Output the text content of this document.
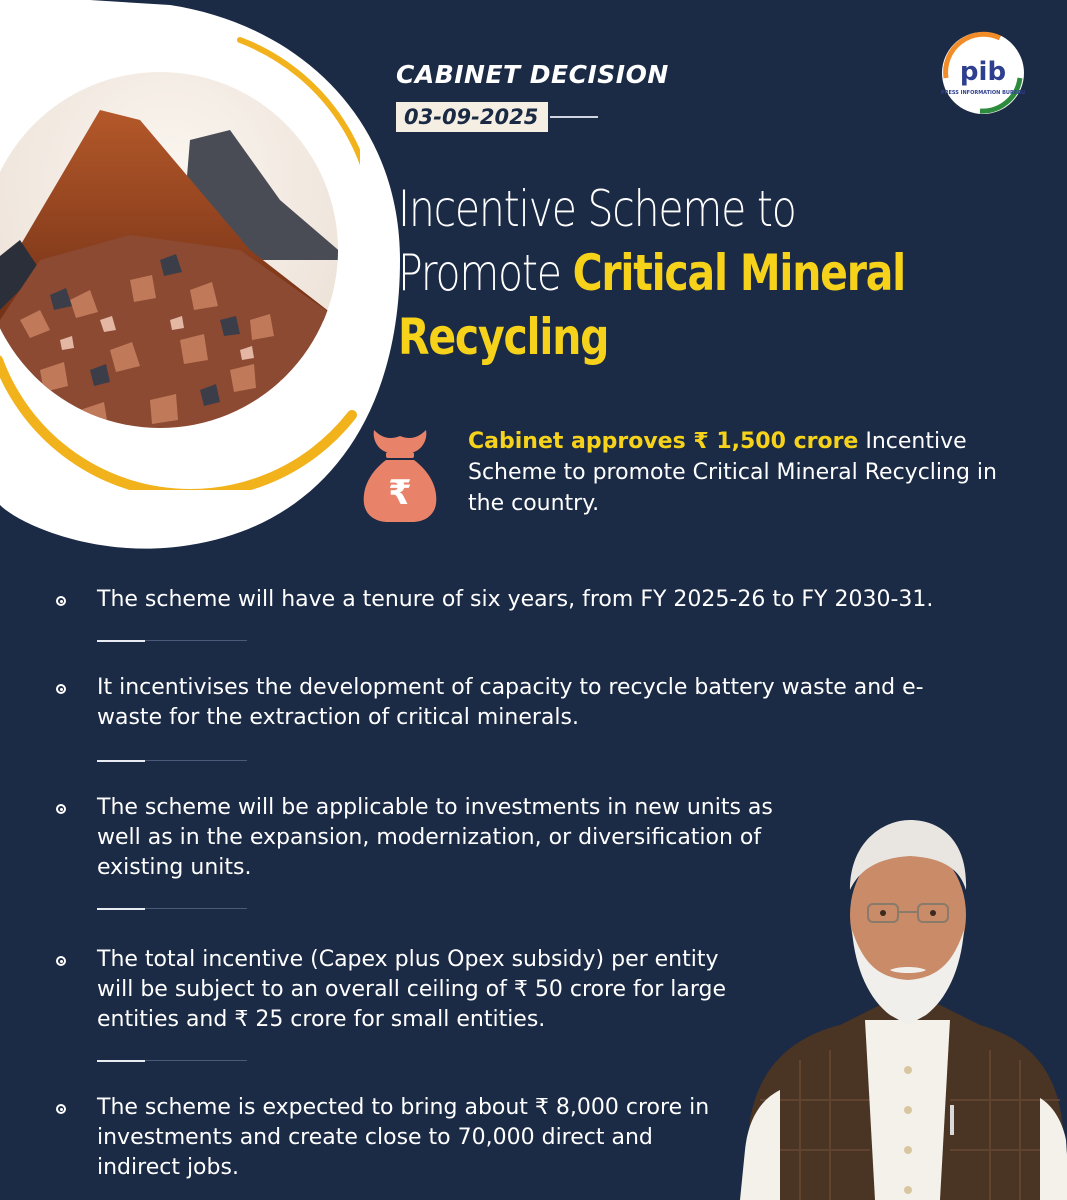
CABINET DECISION
03-09-2025
pib
PRESS INFORMATION BUREAU
Incentive Scheme to
Promote Critical Mineral
Recycling
₹
Cabinet approves ₹ 1,500 crore Incentive Scheme to promote Critical Mineral Recycling in the country.
The scheme will have a tenure of six years, from FY 2025-26 to FY 2030-31.
It incentivises the development of capacity to recycle battery waste and e-waste for the extraction of critical minerals.
The scheme will be applicable to investments in new units as well as in the expansion, modernization, or diversification of existing units.
The total incentive (Capex plus Opex subsidy) per entity will be subject to an overall ceiling of ₹ 50 crore for large entities and ₹ 25 crore for small entities.
The scheme is expected to bring about ₹ 8,000 crore in investments and create close to 70,000 direct and indirect jobs.
